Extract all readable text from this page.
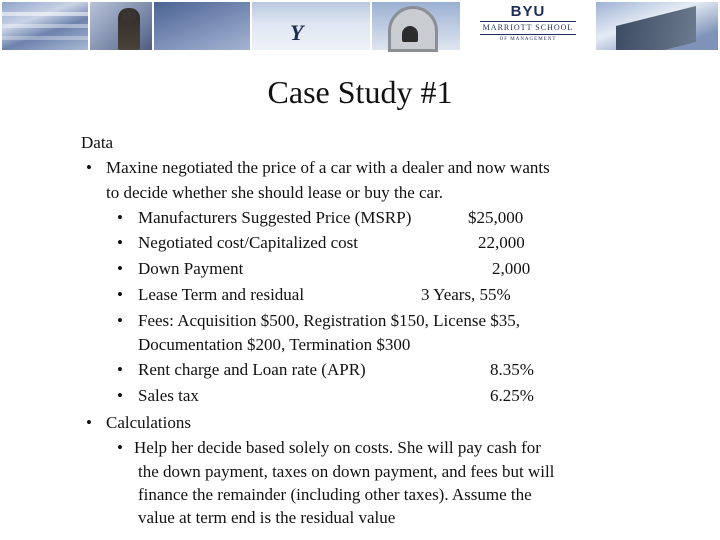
Y
BYU
MARRIOTT SCHOOL
OF MANAGEMENT
Case Study #1
Data
• Maxine negotiated the price of a car with a dealer and now wants
to decide whether she should lease or buy the car.
• Manufacturers Suggested Price (MSRP)	$25,000
• Negotiated cost/Capitalized cost	22,000
• Down Payment	2,000
• Lease Term and residual	3 Years, 55%
• Fees: Acquisition $500, Registration $150, License $35,
Documentation $200, Termination $300
• Rent charge and Loan rate (APR)	8.35%
• Sales tax	6.25%
• Calculations
• Help her decide based solely on costs. She will pay cash for
the down payment, taxes on down payment, and fees but will
finance the remainder (including other taxes). Assume the
value at term end is the residual value
